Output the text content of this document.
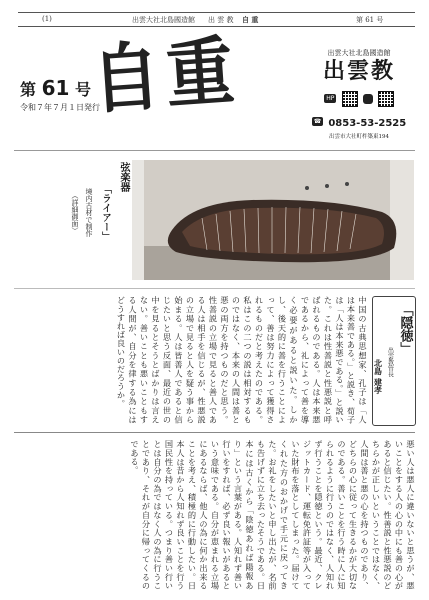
(1)	出雲大社北島國造館 出 雲 教 自 重	第 61 号
第 61 号
令和７年７月１日発行
自重	出雲大社北島國造館
出雲教
HP
☎ 0853-53-2525
出雲市大社町杵築東194
弦楽器
「ライアー」
境内古材で制作
（詳細御面）
中国の古典思想家、孔子は「人は本来善である。」と説き、荀子は「人は本来悪である。」と説いた。これは性善説と性悪説と呼ばれるものである。人は本来悪であるから、礼によって善を導く必要があると説いた。しかし、後天的に善を行うことによって、善は努力によって獲得されるものだと考えたのである。私はこの二つの説は相対するものではなく、本来の人間は善と悪の両方を持つものだと思う。性善説の立場で見ると善人である人は相手を信じるが、性悪説の立場で見ると人を疑う事から始まる。人は皆善人であると信じたいと思う反面、最近の世の中を見るとそうとばかりは言えない。善いことも悪いこともする人間が、自分を律する為にはどうすれば良いのだろうか。	「隠徳」
出雲教管長
北島 建孝
悪い人は悪人に違いないと思うが、悪いことをする人の心の中にも善の心があると信じたい。性善説と性悪説のどちらかが正しいということではなく、人間は善と悪の心を持つものであり、どちらの心に従って生きるかが大切なのである。善いことを行う時に人に知られるように行うのではなく、人知れず行うことを隠徳という。最近、クレジットカード、運転免許証等が入っていた財布を落としてしまった。届けてくれた方のおかげで手元に戻ってきた。お礼をしたいと申し出たが、名前も告げずに立ち去ったそうである。日本には古くから「陰徳あれば陽報あり」という言葉がある。人知れず善い行いをすれば、必ず良い報いがあるという意味である。自分が恵まれる立場にあるならば、他人の為に何か出来ることを考え、積極的に行動したい。日本人は昔から人知れず良いことを行う国民性を持っている。つまり善い行いとは自分の為ではなく人の為に行うことであり、それが自分に帰ってくるのである。
